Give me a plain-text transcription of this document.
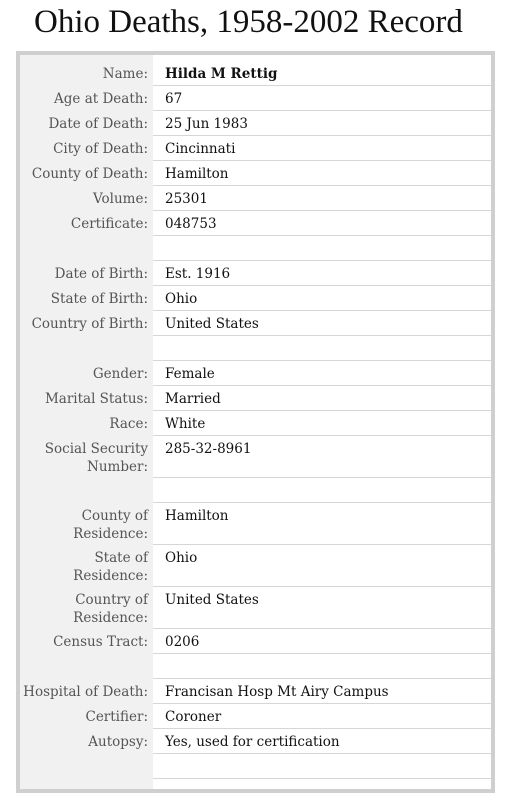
Ohio Deaths, 1958-2002 Record
Name:	Hilda M Rettig
Age at Death:	67
Date of Death:	25 Jun 1983
City of Death:	Cincinnati
County of Death:	Hamilton
Volume:	25301
Certificate:	048753
Date of Birth:	Est. 1916
State of Birth:	Ohio
Country of Birth:	United States
Gender:	Female
Marital Status:	Married
Race:	White
Social Security Number:
285-32-8961
County of Residence:
Hamilton
State of Residence:
Ohio
Country of Residence:
United States
Census Tract:	0206
Hospital of Death:	Francisan Hosp Mt Airy Campus
Certifier:	Coroner
Autopsy:	Yes, used for certification
